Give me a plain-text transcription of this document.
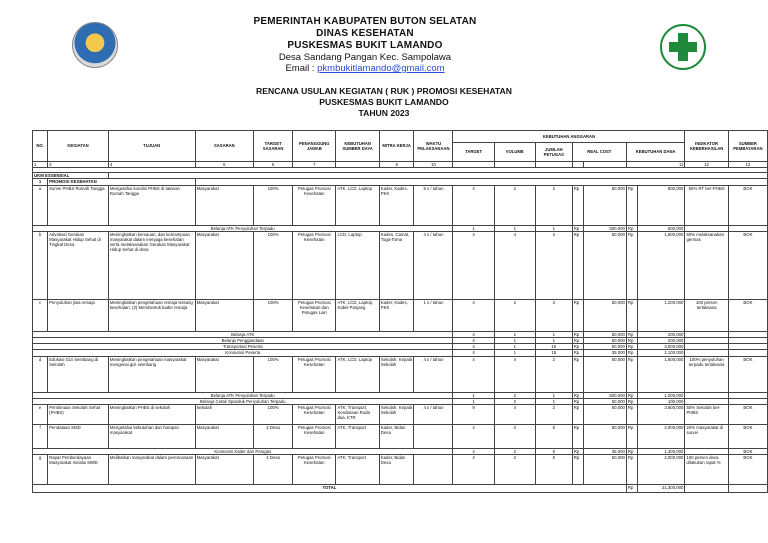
PEMERINTAH KABUPATEN BUTON SELATAN
DINAS KESEHATAN
PUSKESMAS BUKIT LAMANDO
Desa Sandang Pangan Kec. Sampolawa
Email : pkmbukitlamando@gmail.com
RENCANA USULAN KEGIATAN ( RUK ) PROMOSI KESEHATAN
PUSKESMAS BUKIT LAMANDO
TAHUN 2023
NO.	KEGIATAN	TUJUAN	SASARAN	TARGET SASARAN	PENANGGUNG JAWAB	KEBUTUHAN SUMBER DAYA	MITRA KERJA	WAKTU PELAKSANAAN	KEBUTUHAN ANGGARAN							INDIKATOR KEBERHASILAN	SUMBER PEMBAYARAN
									TARGET	VOLUME	JUMLAH PETUGAS	REAL COST		KEBUTUHAN DANA			
1	3	4	5	6	7		9	10						11		12	13

UKM ESSENSIAL																	
1	PROMOSI KESEHATAN																
a	Survei PHBS Rumah Tangga	Mengetahui kondisi PHBS di tatanan Rumah Tangga	Masyarakat	100%	Petugas Promosi Kesehatan	ATK, LCD, Laptop	Kader, Kades, PKK	8 x / tahun	4	2	2	Rp	50,000	Rp	800,000	50% RT ber-PHBS	BOK
Belanja ATK Penyuluhan Terpadu									1	1	1	Rp	500,000	Rp	500,000		
b	Advokasi Gerakan Masyarakat Hidup Sehat di Tingkat Desa	Meningkatkan kemauan, dan kemampuan masyarakat dalam menjaga kesehatan serta melaksanakan Gerakan Masyarakat Hidup Sehat di desa	Masyarakat	100%	Petugas Promosi Kesehatan	LCD, Laptop	Kades, Camat, Toga-Toma	4 x / tahun	4	4	2	Rp	50,000	Rp	1,600,000	50% melaksanakan germas	BOK
c	Penyuluhan jiwa remaja	Meningkatkan pengetahuan remaja tentang kesehatan. (2) Membentuk kader remaja	Masyarakat	100%	Petugas Promosi Kesehatan dan Petugas Lain	ATK, LCD, Laptop, Kabel Panjang	Kader, Kades, PKK	1 x / tahun	4	2	3	Rp	50,000	Rp	1,200,000	100 persen terlaksana	BOK
Belanja ATK									4	1	1	Rp	50,000	Rp	200,000		
Belanja Penggandaan									4	1	1	Rp	50,000	Rp	200,000		
Transportasi Peserta									4	1	15	Rp	50,000	Rp	3,000,000		
Konsumsi Peserta									4	1	15	Rp	35,000	Rp	2,100,000		
d	Edukasi Gizi Seimbang di Sekolah	Meningkatkan pengetahuan masyarakat mengenai gizi seimbang	Masyarakat	100%	Petugas Promosi Kesehatan	ATK, LCD, Laptop	Sekolah, Kepala Sekolah	4 x / tahun	4	4	2	Rp	50,000	Rp	1,600,000	100% penyuluhan terpadu terlaksana	BOK
Belanja ATK Penyuluhan Terpadu									1	2	1	Rp	500,000	Rp	1,000,000		
Belanja Cetak Spanduk Penyuluhan Terpadu									1	2	1	Rp	50,000	Rp	100,000		
e	Pembinaan Sekolah Sehat (PHBS)	Meningkatkan PHBS di sekolah	Sekolah	100%	Petugas Promosi Kesehatan	ATK, Transport, Kendaraan Roda dua, KTR	Sekolah, Kepala Sekolah	4 x / tahun	9	4	2	Rp	50,000	Rp	3,600,000	50% Sekolah ber-PHBS	BOK
f	Pendataan SMD	Mengetahui kebutuhan dan harapan masyarakat	Masyarakat	4 Desa	Petugas Promosi Kesehatan	ATK, Transport	Kader, Bidan Desa		4	2	5	Rp	50,000	Rp	2,000,000	20% masyarakat di survei	BOK
Konsumsi Kader dan Petugas									4	2	5	Rp	35,000	Rp	1,400,000		BOK
g	Rapat Pemberdayaan Masyarakat melalui MMD	Melibatkan masyarakat dalam perencanaan	Masyarakat	4 Desa	Petugas Promosi Kesehatan	ATK, Transport	Kader, Bidan Desa		4	2	5	Rp	50,000	Rp	2,000,000	100 persen desa dilakukan rapat %	BOK
TOTAL														Rp	21,300,000		
